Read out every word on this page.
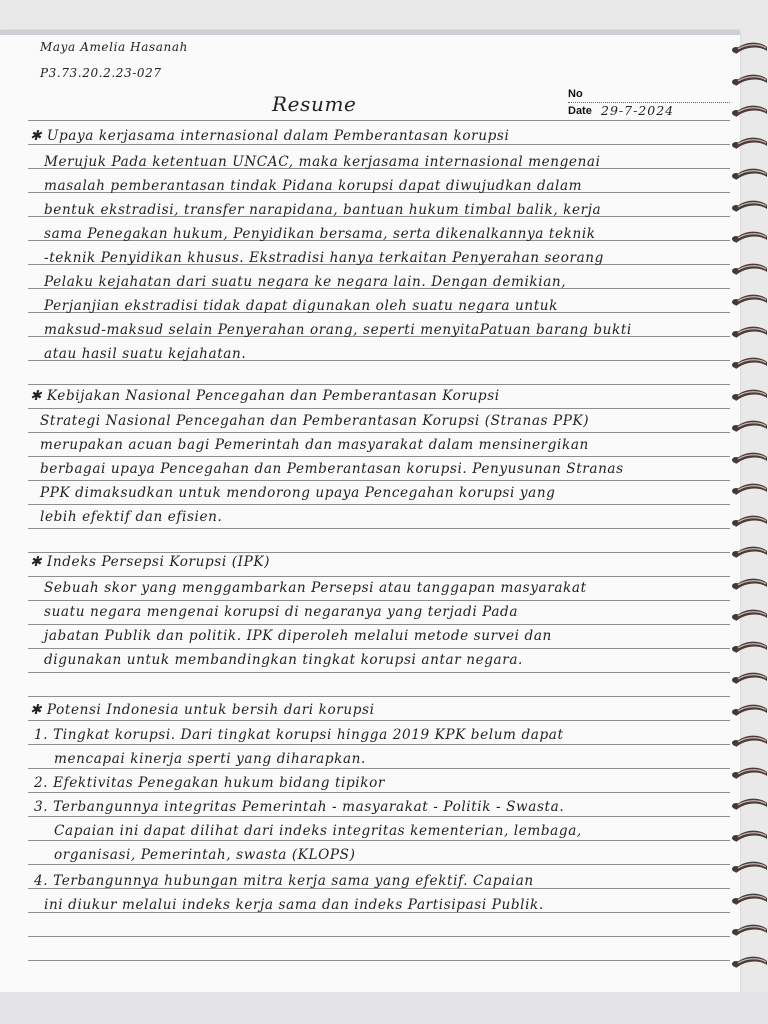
Maya Amelia Hasanah
P3.73.20.2.23-027
Resume	No
Date 29-7-2024
✱ Upaya kerjasama internasional dalam Pemberantasan korupsi
Merujuk Pada ketentuan UNCAC, maka kerjasama internasional mengenai
masalah pemberantasan tindak Pidana korupsi dapat diwujudkan dalam
bentuk ekstradisi, transfer narapidana, bantuan hukum timbal balik, kerja
sama Penegakan hukum, Penyidikan bersama, serta dikenalkannya teknik
-teknik Penyidikan khusus. Ekstradisi hanya terkaitan Penyerahan seorang
Pelaku kejahatan dari suatu negara ke negara lain. Dengan demikian,
Perjanjian ekstradisi tidak dapat digunakan oleh suatu negara untuk
maksud-maksud selain Penyerahan orang, seperti menyitaPatuan barang bukti
atau hasil suatu kejahatan.
✱ Kebijakan Nasional Pencegahan dan Pemberantasan Korupsi
Strategi Nasional Pencegahan dan Pemberantasan Korupsi (Stranas PPK)
merupakan acuan bagi Pemerintah dan masyarakat dalam mensinergikan
berbagai upaya Pencegahan dan Pemberantasan korupsi. Penyusunan Stranas
PPK dimaksudkan untuk mendorong upaya Pencegahan korupsi yang
lebih efektif dan efisien.
✱ Indeks Persepsi Korupsi (IPK)
Sebuah skor yang menggambarkan Persepsi atau tanggapan masyarakat
suatu negara mengenai korupsi di negaranya yang terjadi Pada
jabatan Publik dan politik. IPK diperoleh melalui metode survei dan
digunakan untuk membandingkan tingkat korupsi antar negara.
✱ Potensi Indonesia untuk bersih dari korupsi
1. Tingkat korupsi. Dari tingkat korupsi hingga 2019 KPK belum dapat
mencapai kinerja sperti yang diharapkan.
2. Efektivitas Penegakan hukum bidang tipikor
3. Terbangunnya integritas Pemerintah - masyarakat - Politik - Swasta.
Capaian ini dapat dilihat dari indeks integritas kementerian, lembaga,
organisasi, Pemerintah, swasta (KLOPS)
4. Terbangunnya hubungan mitra kerja sama yang efektif. Capaian
ini diukur melalui indeks kerja sama dan indeks Partisipasi Publik.
